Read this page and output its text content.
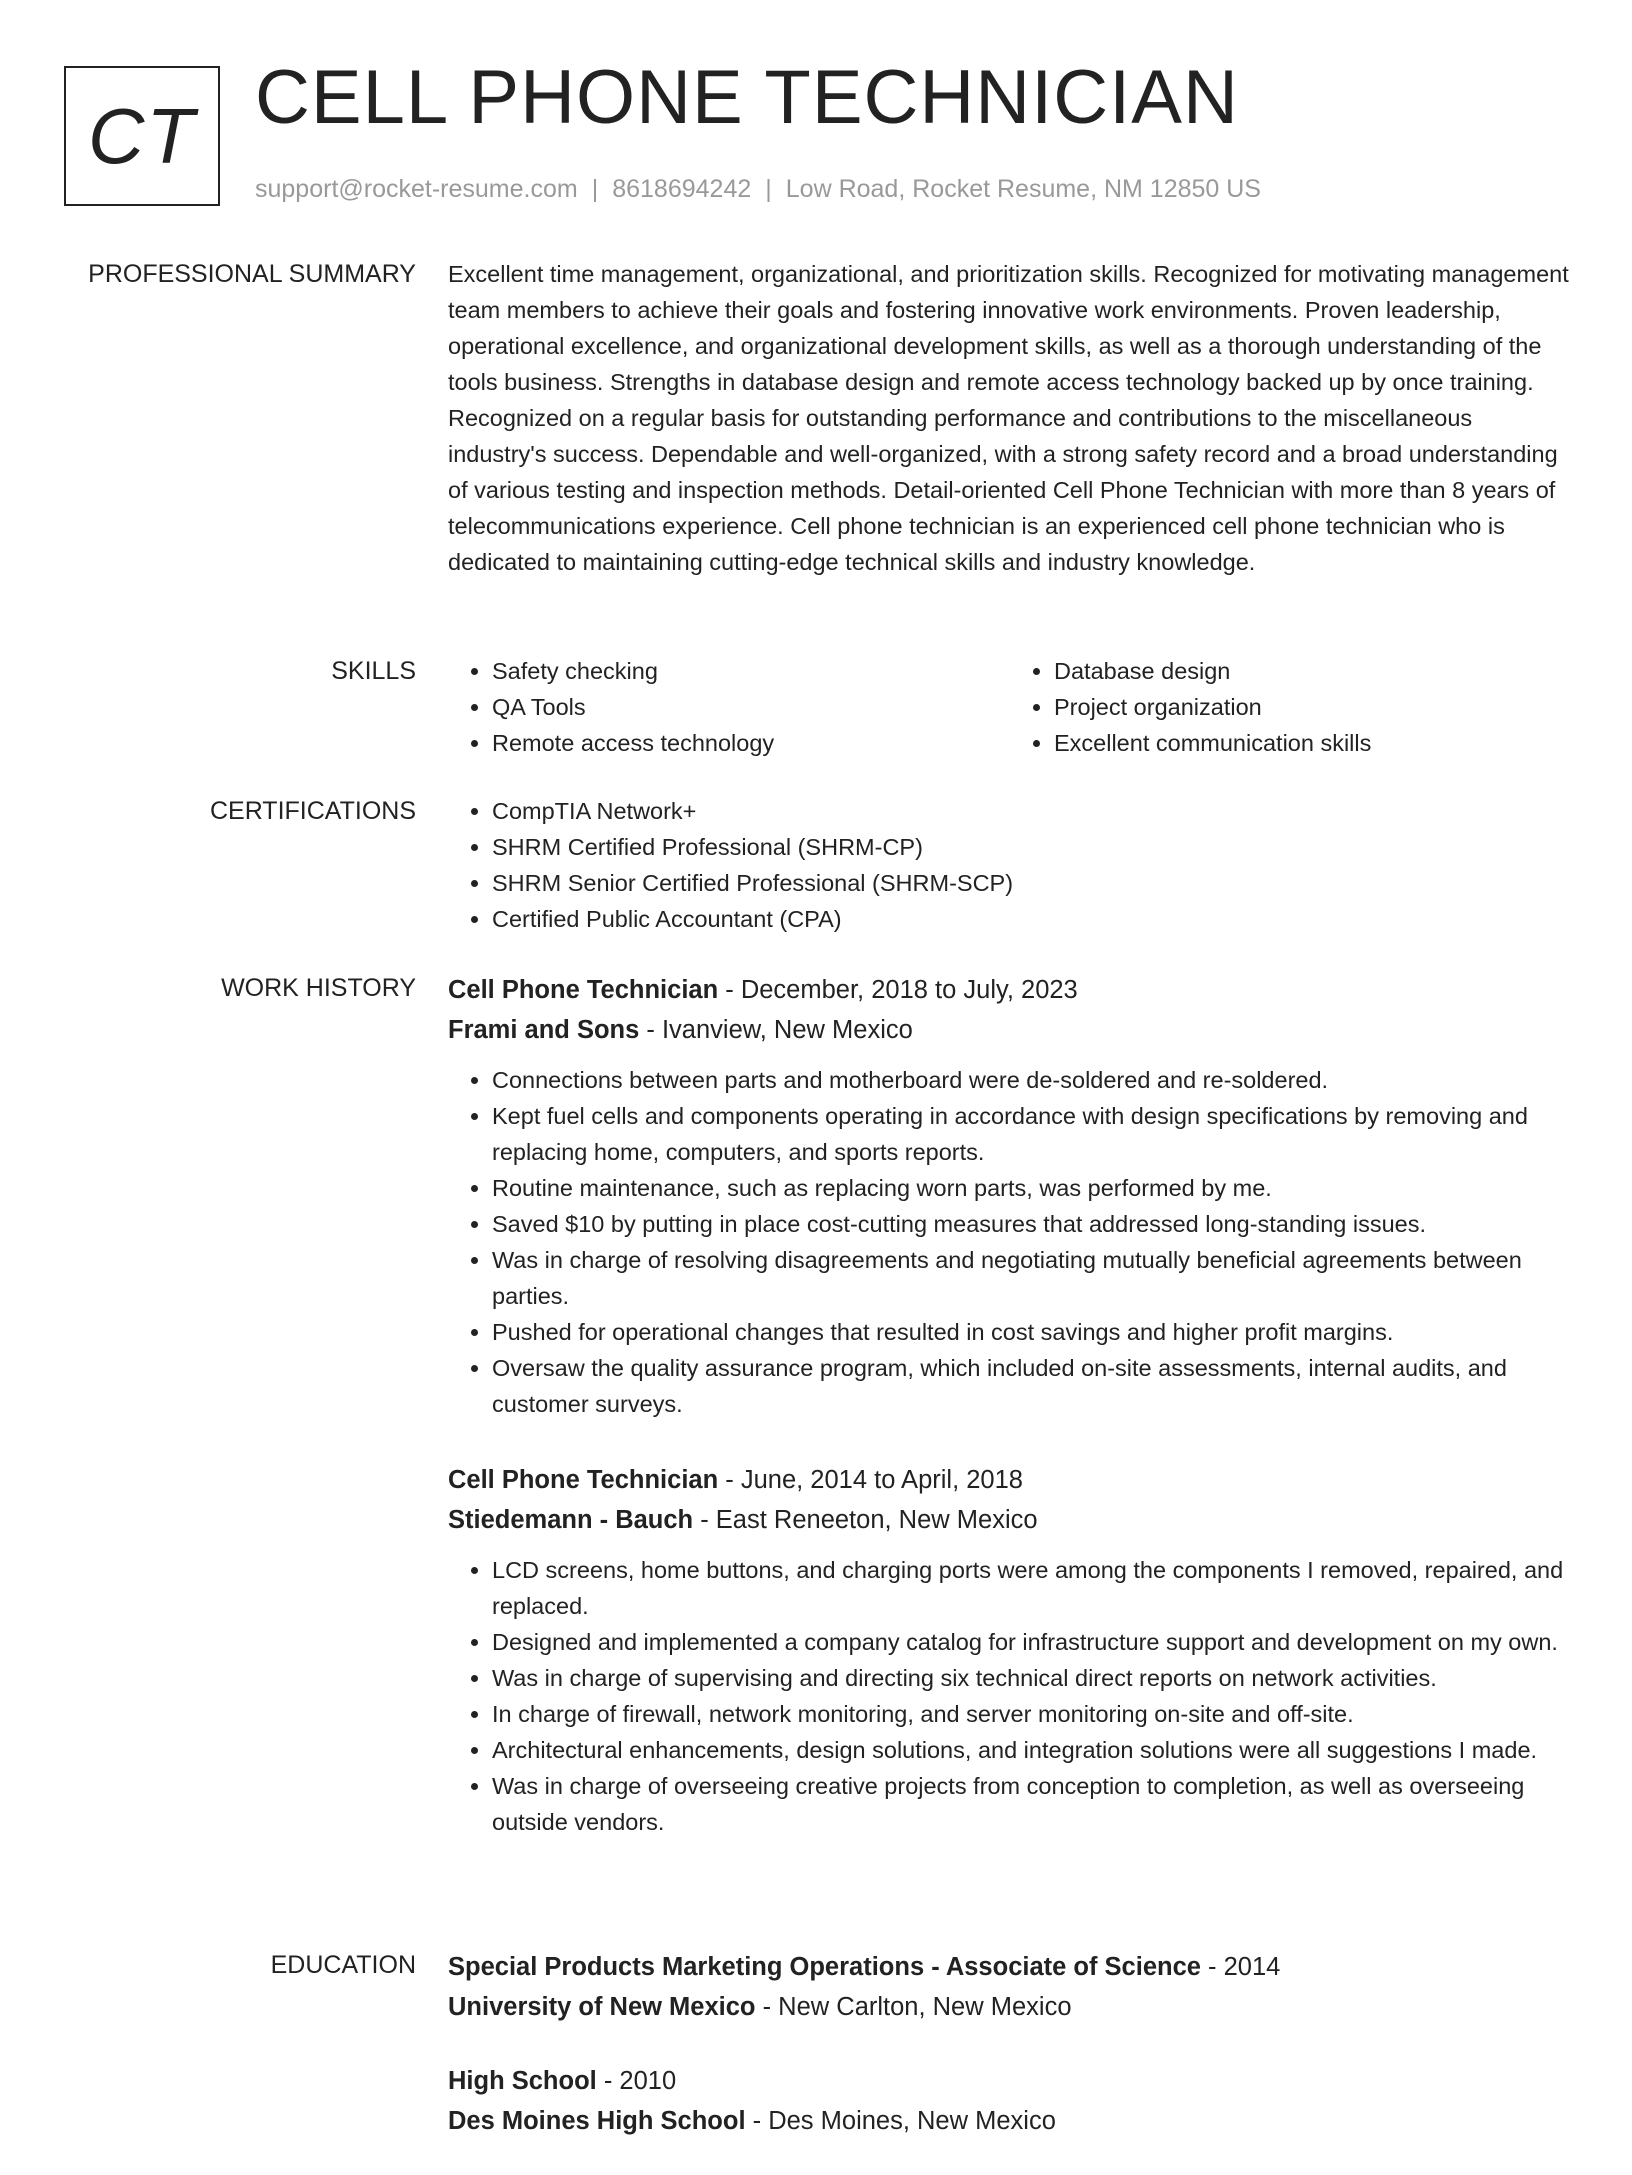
CT CELL PHONE TECHNICIAN
support@rocket-resume.com | 8618694242 | Low Road, Rocket Resume, NM 12850 US
PROFESSIONAL SUMMARY Excellent time management, organizational, and prioritization skills. Recognized for motivating management team members to achieve their goals and fostering innovative work environments. Proven leadership, operational excellence, and organizational development skills, as well as a thorough understanding of the tools business. Strengths in database design and remote access technology backed up by once training. Recognized on a regular basis for outstanding performance and contributions to the miscellaneous industry's success. Dependable and well-organized, with a strong safety record and a broad understanding of various testing and inspection methods. Detail-oriented Cell Phone Technician with more than 8 years of telecommunications experience. Cell phone technician is an experienced cell phone technician who is dedicated to maintaining cutting-edge technical skills and industry knowledge.

SKILLS	• Safety checking
• QA Tools
• Remote access technology
• Database design
• Project organization
• Excellent communication skills
CERTIFICATIONS	• CompTIA Network+
• SHRM Certified Professional (SHRM-CP)
• SHRM Senior Certified Professional (SHRM-SCP)
• Certified Public Accountant (CPA)
WORK HISTORY Cell Phone Technician - December, 2018 to July, 2023
Frami and Sons - Ivanview, New Mexico
• Connections between parts and motherboard were de-soldered and re-soldered.
• Kept fuel cells and components operating in accordance with design specifications by removing and replacing home, computers, and sports reports.
• Routine maintenance, such as replacing worn parts, was performed by me.
• Saved $10 by putting in place cost-cutting measures that addressed long-standing issues.
• Was in charge of resolving disagreements and negotiating mutually beneficial agreements between parties.
• Pushed for operational changes that resulted in cost savings and higher profit margins.
• Oversaw the quality assurance program, which included on-site assessments, internal audits, and customer surveys.
Cell Phone Technician - June, 2014 to April, 2018
Stiedemann - Bauch - East Reneeton, New Mexico
• LCD screens, home buttons, and charging ports were among the components I removed, repaired, and replaced.
• Designed and implemented a company catalog for infrastructure support and development on my own.
• Was in charge of supervising and directing six technical direct reports on network activities.
• In charge of firewall, network monitoring, and server monitoring on-site and off-site.
• Architectural enhancements, design solutions, and integration solutions were all suggestions I made.
• Was in charge of overseeing creative projects from conception to completion, as well as overseeing outside vendors.
EDUCATION Special Products Marketing Operations - Associate of Science - 2014
University of New Mexico - New Carlton, New Mexico
High School - 2010
Des Moines High School - Des Moines, New Mexico
